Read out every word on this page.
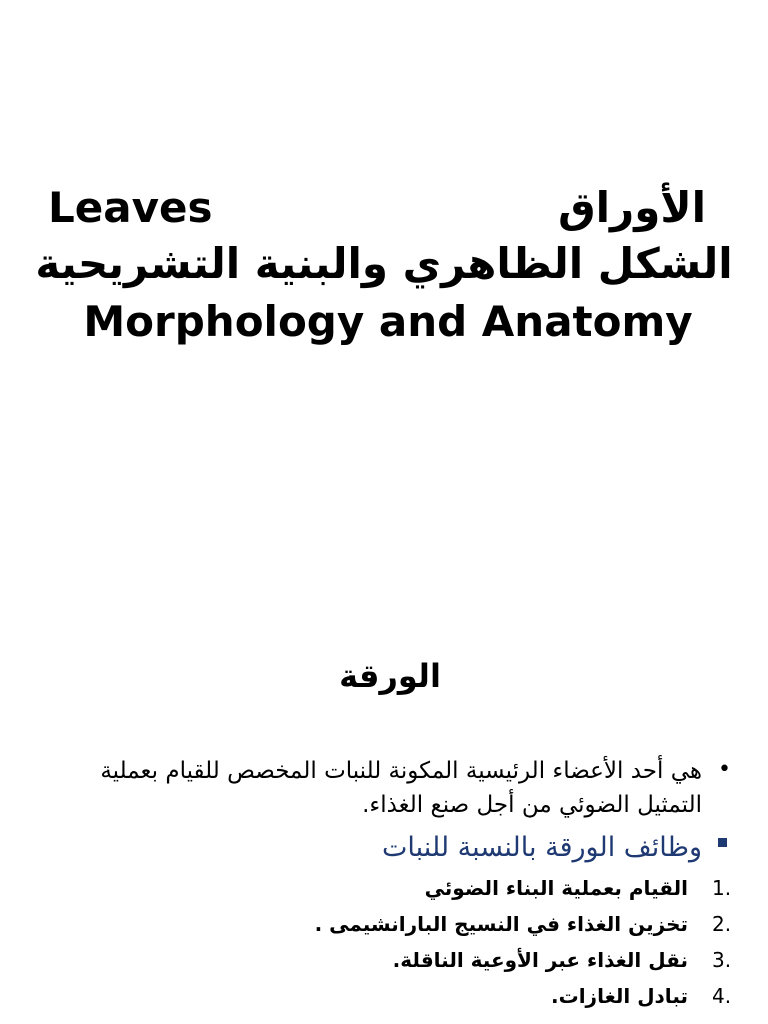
Leaves	الأوراق
الشكل الظاهري والبنية التشريحية
Morphology and Anatomy
الورقة
•
هي أحد الأعضاء الرئيسية المكونة للنبات المخصص للقيام بعملية التمثيل الضوئي من أجل صنع الغذاء.
وظائف الورقة بالنسبة للنبات
1.
القيام بعملية البناء الضوئي
2.
تخزين الغذاء في النسيج البارانشيمى .
3.
نقل الغذاء عبر الأوعية الناقلة.
4.
تبادل الغازات.
